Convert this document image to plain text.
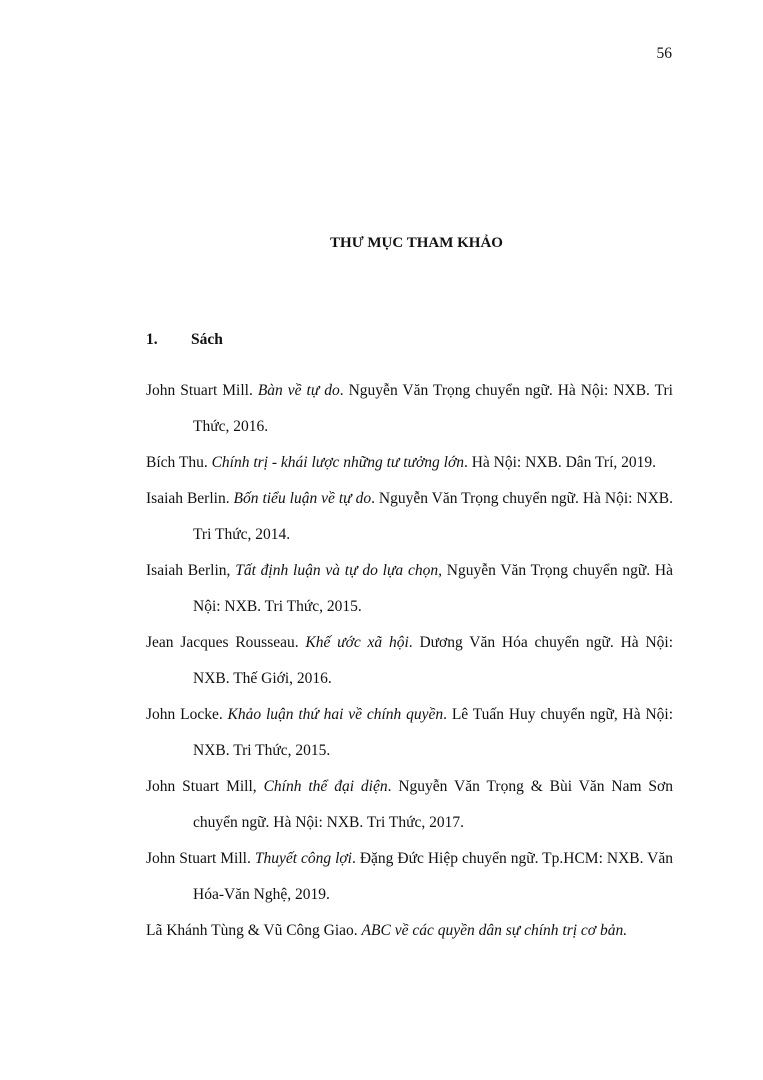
56
THƯ MỤC THAM KHẢO
1.	Sách

John Stuart Mill. Bàn về tự do. Nguyễn Văn Trọng chuyển ngữ. Hà Nội: NXB. Tri Thức, 2016.

Bích Thu. Chính trị - khái lược những tư tưởng lớn. Hà Nội: NXB. Dân Trí, 2019.

Isaiah Berlin. Bốn tiểu luận về tự do. Nguyễn Văn Trọng chuyển ngữ. Hà Nội: NXB. Tri Thức, 2014.

Isaiah Berlin, Tất định luận và tự do lựa chọn, Nguyễn Văn Trọng chuyển ngữ. Hà Nội: NXB. Tri Thức, 2015.

Jean Jacques Rousseau. Khế ước xã hội. Dương Văn Hóa chuyển ngữ. Hà Nội: NXB. Thế Giới, 2016.

John Locke. Khảo luận thứ hai về chính quyền. Lê Tuấn Huy chuyển ngữ, Hà Nội: NXB. Tri Thức, 2015.

John Stuart Mill, Chính thể đại diện. Nguyễn Văn Trọng & Bùi Văn Nam Sơn chuyển ngữ. Hà Nội: NXB. Tri Thức, 2017.

John Stuart Mill. Thuyết công lợi. Đặng Đức Hiệp chuyển ngữ. Tp.HCM: NXB. Văn Hóa-Văn Nghệ, 2019.

Lã Khánh Tùng & Vũ Công Giao. ABC về các quyền dân sự chính trị cơ bản.
